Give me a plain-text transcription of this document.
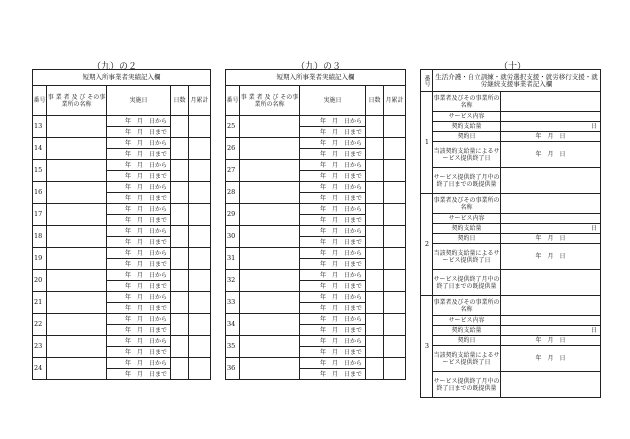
（九）の２	（九）の３	（十）
短期入所事業者実績記入欄				
番号	事 業 者 及 び その事業所の名称	実施日	日数	月累計
13		年　月　日から		
		年　月　日まで		
14		年　月　日から		
		年　月　日まで		
15		年　月　日から		
		年　月　日まで		
16		年　月　日から		
		年　月　日まで		
17		年　月　日から		
		年　月　日まで		
18		年　月　日から		
		年　月　日まで		
19		年　月　日から		
		年　月　日まで		
20		年　月　日から		
		年　月　日まで		
21		年　月　日から		
		年　月　日まで		
22		年　月　日から		
		年　月　日まで		
23		年　月　日から		
		年　月　日まで		
24		年　月　日から		
		年　月　日まで		
短期入所事業者実績記入欄				
番号	事 業 者 及 び その事業所の名称	実施日	日数	月累計
25		年　月　日から		
		年　月　日まで		
26		年　月　日から		
		年　月　日まで		
27		年　月　日から		
		年　月　日まで		
28		年　月　日から		
		年　月　日まで		
29		年　月　日から		
		年　月　日まで		
30		年　月　日から		
		年　月　日まで		
31		年　月　日から		
		年　月　日まで		
32		年　月　日から		
		年　月　日まで		
33		年　月　日から		
		年　月　日まで		
34		年　月　日から		
		年　月　日まで		
35		年　月　日から		
		年　月　日まで		
36		年　月　日から		
		年　月　日まで		
番号	生活介護・自立訓練・就労選択支援・就労移行支援・就労継続支援事業者記入欄	
1	事業者及びその事業所の名称	
	サービス内容	
	契約支給量	日
	契約日	年　月　日
	当該契約支給量によるサービス提供終了日	年　月　日
	サービス提供終了月中の終了日までの既提供量	
2	事業者及びその事業所の名称	
	サービス内容	
	契約支給量	日
	契約日	年　月　日
	当該契約支給量によるサービス提供終了日	年　月　日
	サービス提供終了月中の終了日までの既提供量	
3	事業者及びその事業所の名称	
	サービス内容	
	契約支給量	日
	契約日	年　月　日
	当該契約支給量によるサービス提供終了日	年　月　日
	サービス提供終了月中の終了日までの既提供量	
